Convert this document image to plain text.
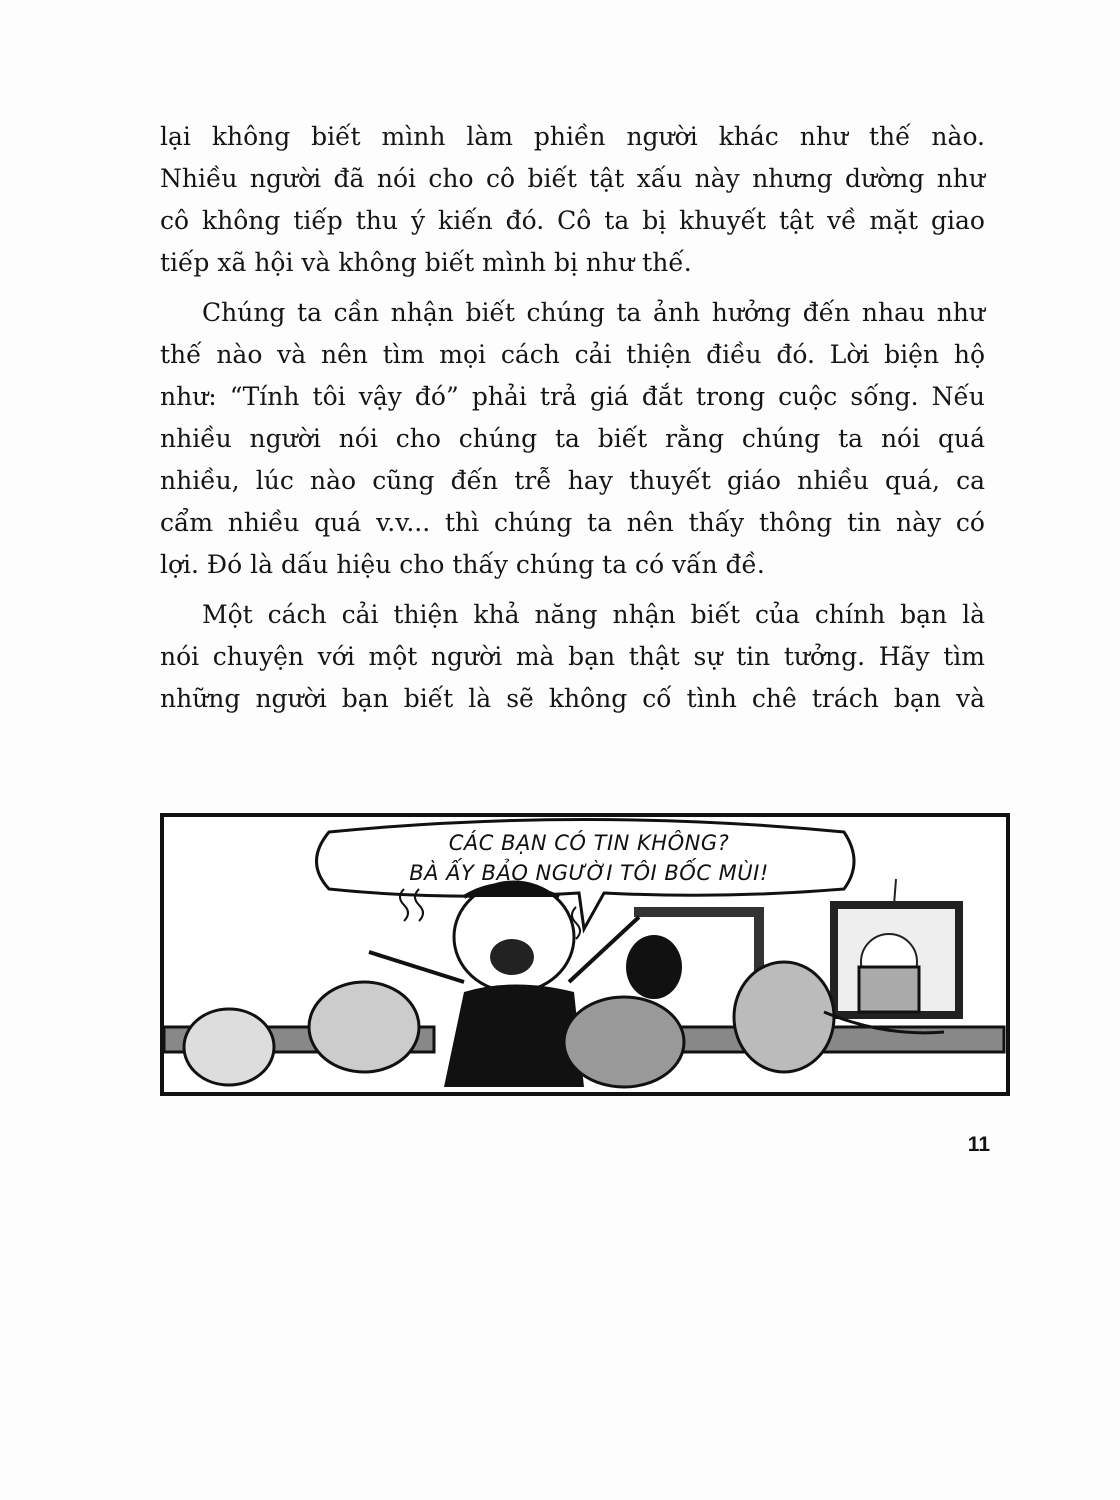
lại không biết mình làm phiền người khác như thế nào.
Nhiều người đã nói cho cô biết tật xấu này nhưng dường như
cô không tiếp thu ý kiến đó. Cô ta bị khuyết tật về mặt giao
tiếp xã hội và không biết mình bị như thế.

Chúng ta cần nhận biết chúng ta ảnh hưởng đến nhau như
thế nào và nên tìm mọi cách cải thiện điều đó. Lời biện hộ
như: “Tính tôi vậy đó” phải trả giá đắt trong cuộc sống. Nếu
nhiều người nói cho chúng ta biết rằng chúng ta nói quá
nhiều, lúc nào cũng đến trễ hay thuyết giáo nhiều quá, ca
cẩm nhiều quá v.v... thì chúng ta nên thấy thông tin này có
lợi. Đó là dấu hiệu cho thấy chúng ta có vấn đề.

Một cách cải thiện khả năng nhận biết của chính bạn là
nói chuyện với một người mà bạn thật sự tin tưởng. Hãy tìm
những người bạn biết là sẽ không cố tình chê trách bạn và

CÁC BẠN CÓ TIN KHÔNG?
BÀ ẤY BẢO NGƯỜI TÔI BỐC MÙI!
11
